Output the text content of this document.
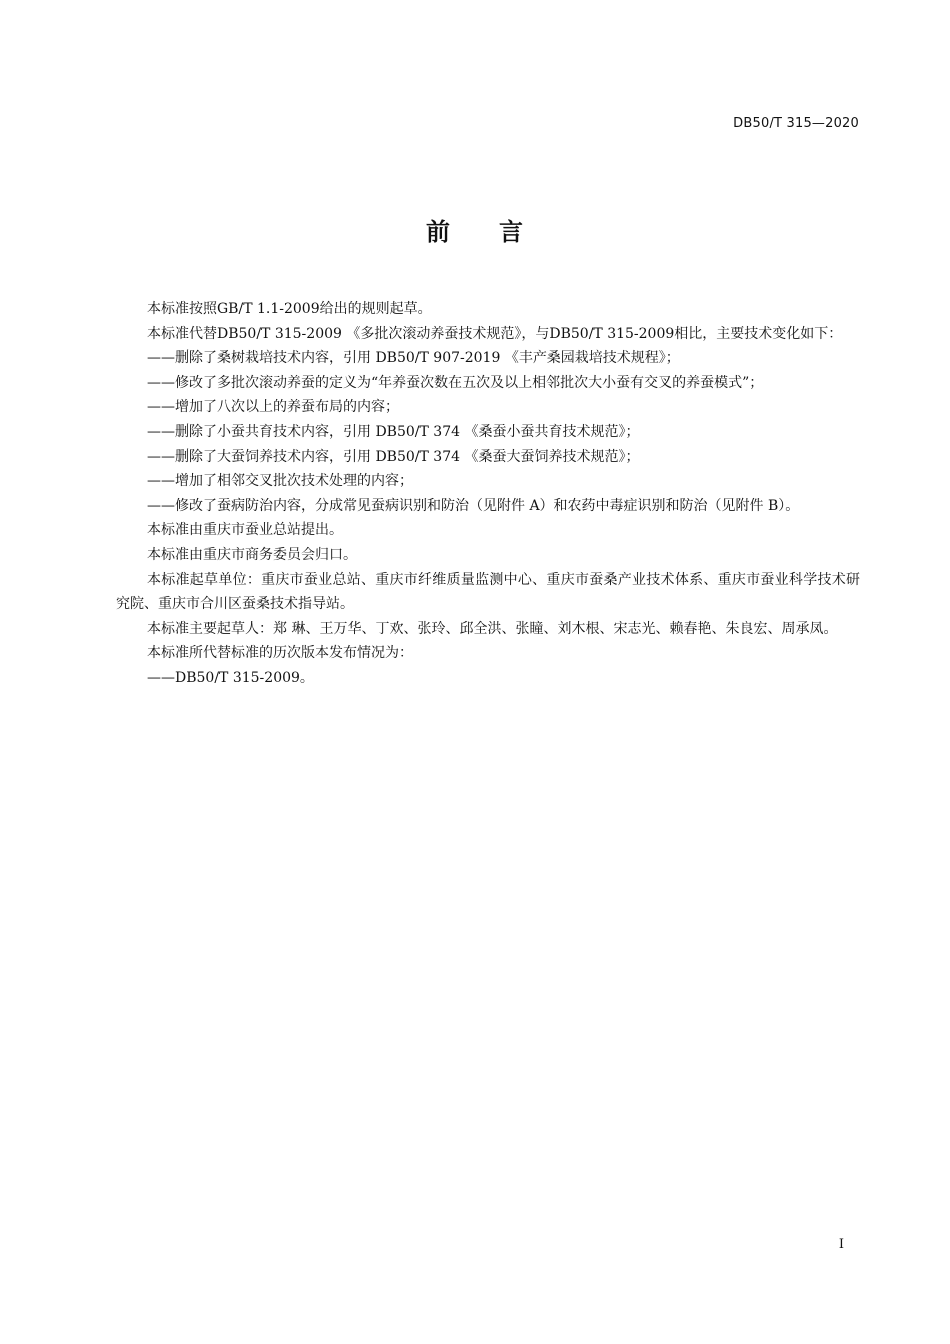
DB50/T 315—2020
前 言

本标准按照GB/T 1.1-2009给出的规则起草。

本标准代替DB50/T 315-2009 《多批次滚动养蚕技术规范》，与DB50/T 315-2009相比，主要技术变化如下：

——删除了桑树栽培技术内容，引用 DB50/T 907-2019 《丰产桑园栽培技术规程》；

——修改了多批次滚动养蚕的定义为“年养蚕次数在五次及以上相邻批次大小蚕有交叉的养蚕模式”；

——增加了八次以上的养蚕布局的内容；

——删除了小蚕共育技术内容，引用 DB50/T 374 《桑蚕小蚕共育技术规范》；

——删除了大蚕饲养技术内容，引用 DB50/T 374 《桑蚕大蚕饲养技术规范》；

——增加了相邻交叉批次技术处理的内容；

——修改了蚕病防治内容，分成常见蚕病识别和防治（见附件 A）和农药中毒症识别和防治（见附件 B）。

本标准由重庆市蚕业总站提出。

本标准由重庆市商务委员会归口。

本标准起草单位：重庆市蚕业总站、重庆市纤维质量监测中心、重庆市蚕桑产业技术体系、重庆市蚕业科学技术研究院、重庆市合川区蚕桑技术指导站。

本标准主要起草人：郑 琳、王万华、丁欢、张玲、邱全洪、张瞳、刘木根、宋志光、赖春艳、朱良宏、周承凤。

本标准所代替标准的历次版本发布情况为：

——DB50/T 315-2009。

I
